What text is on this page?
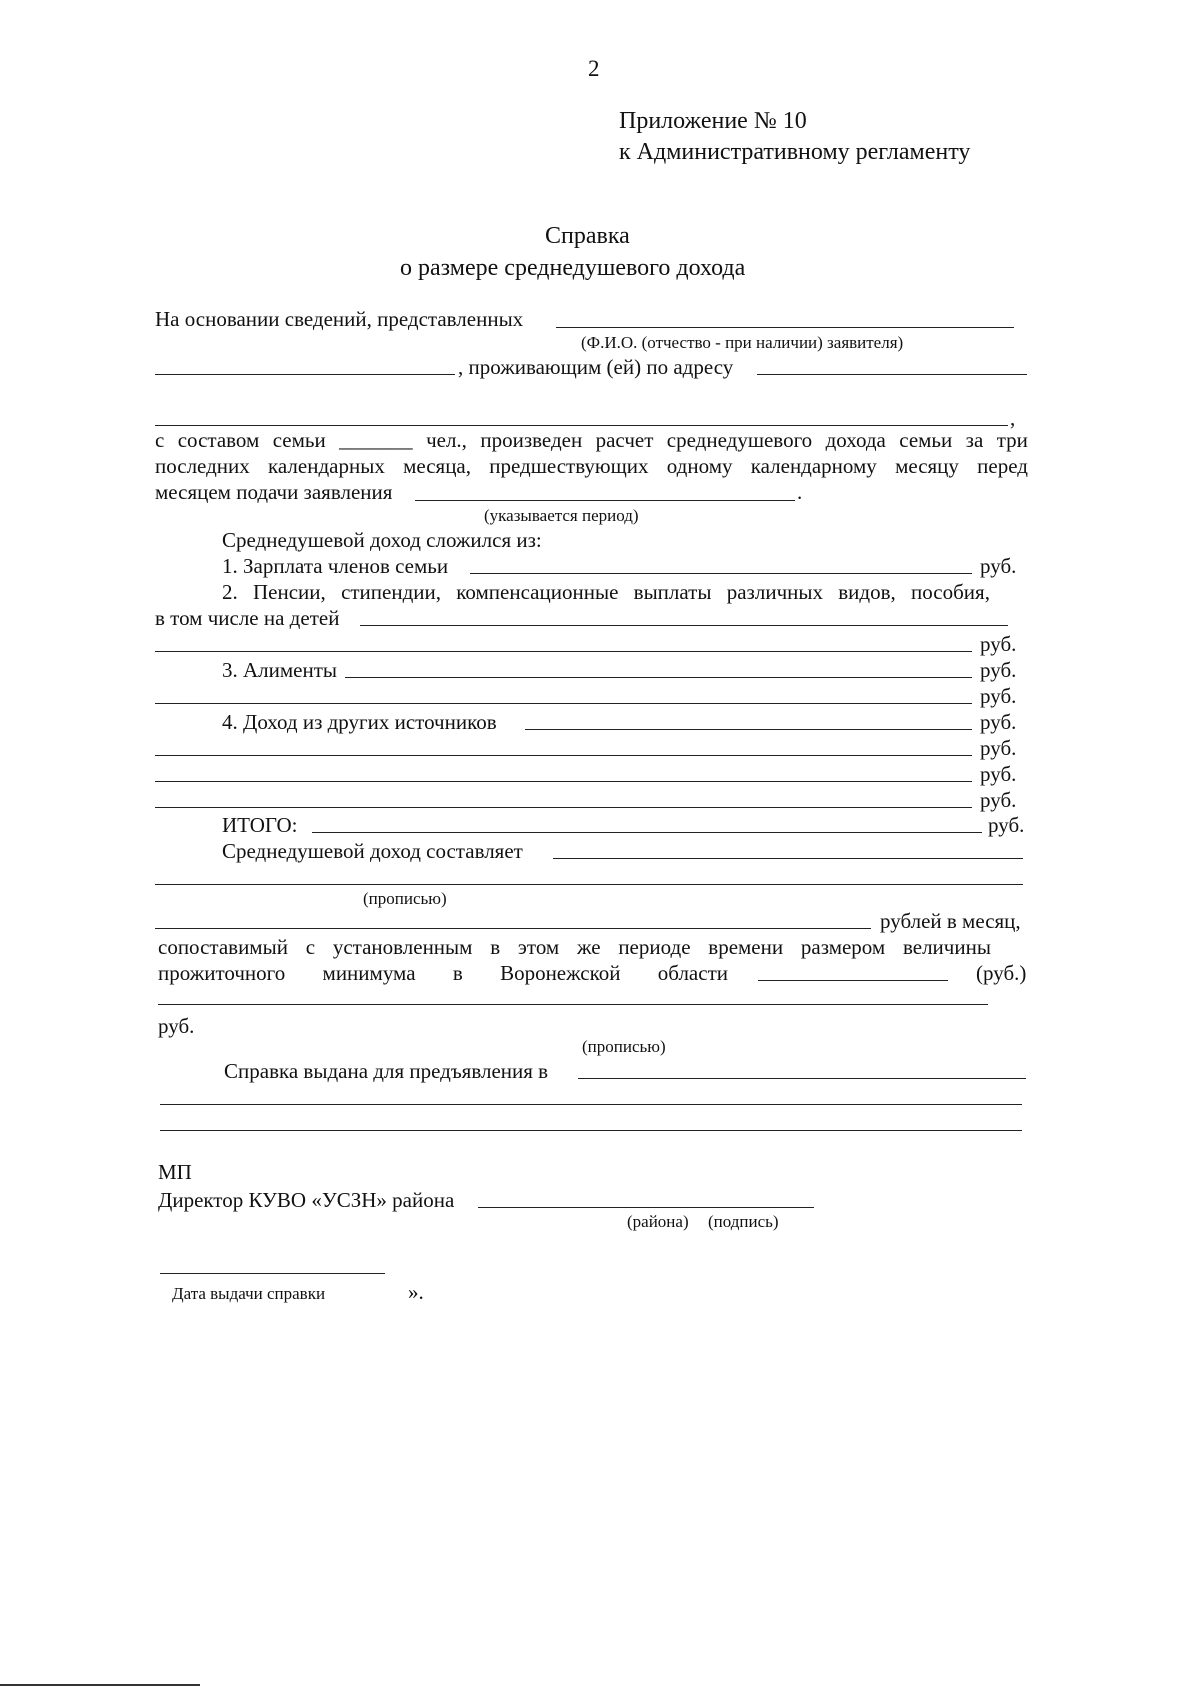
2
Приложение № 10
к Административному регламенту
Справка
о размере среднедушевого дохода
На основании сведений, представленных
(Ф.И.О. (отчество - при наличии) заявителя)
, проживающим (ей) по адресу
,
с составом семьи _______ чел., произведен расчет среднедушевого дохода семьи за три
последних календарных месяца, предшествующих одному календарному месяцу перед
месяцем подачи заявления	.
(указывается период)
Среднедушевой доход сложился из:
1. Зарплата членов семьи	руб.
2. Пенсии, стипендии, компенсационные выплаты различных видов, пособия,
в том числе на детей
руб.
3. Алименты	руб.
руб.
4. Доход из других источников	руб.
руб.
руб.
руб.
ИТОГО:	руб.
Среднедушевой доход составляет
(прописью)
рублей в месяц,
сопоставимый с установленным в этом же периоде времени размером величины
прожиточного минимума в Воронежской области	(руб.)
руб.
(прописью)
Справка выдана для предъявления в
МП
Директор КУВО «УСЗН» района
(района) (подпись)
Дата выдачи справки	».
